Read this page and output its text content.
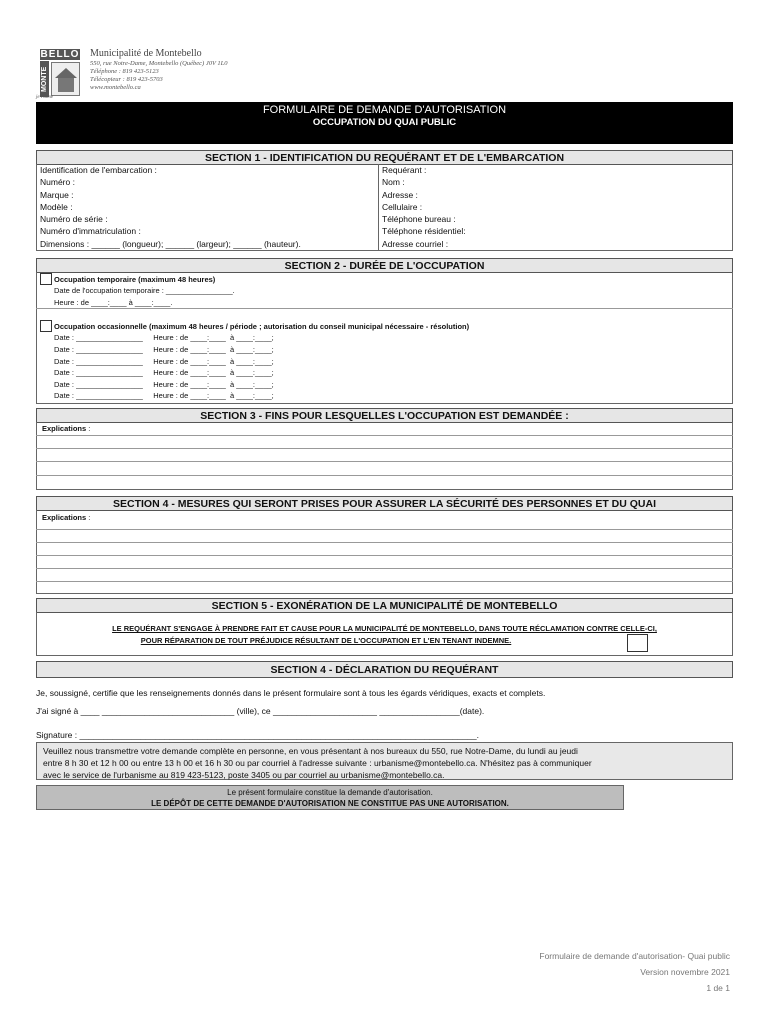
BELLO
MONTE
je t'aime
Municipalité de Montebello
550, rue Notre-Dame, Montebello (Québec) J0V 1L0
Téléphone : 819 423-5123
Télécopieur : 819 423-5703
www.montebello.ca
FORMULAIRE DE DEMANDE D'AUTORISATION
OCCUPATION DU QUAI PUBLIC
SECTION 1 - IDENTIFICATION DU REQUÉRANT ET DE L'EMBARCATION
Identification de l'embarcation :	Requérant :
Numéro :	Nom :
Marque :	Adresse :
Modèle :	Cellulaire :
Numéro de série :	Téléphone bureau :
Numéro d'immatriculation :	Téléphone résidentiel:
Dimensions : ______ (longueur); ______ (largeur); ______ (hauteur).	Adresse courriel :
SECTION 2 - DURÉE DE L'OCCUPATION
Occupation temporaire (maximum 48 heures)
Date de l'occupation temporaire : ________________.
Heure : de ____:____ à ____:____.
Occupation occasionnelle (maximum 48 heures / période ; autorisation du conseil municipal nécessaire - résolution)
Date : ________________     Heure : de ____:____  à ____:____;
Date : ________________     Heure : de ____:____  à ____:____;
Date : ________________     Heure : de ____:____  à ____:____;
Date : ________________     Heure : de ____:____  à ____:____;
Date : ________________     Heure : de ____:____  à ____:____;
Date : ________________     Heure : de ____:____  à ____:____;
SECTION 3 - FINS POUR LESQUELLES L'OCCUPATION EST DEMANDÉE :
Explications :
SECTION 4 - MESURES QUI SERONT PRISES POUR ASSURER LA SÉCURITÉ DES PERSONNES ET DU QUAI
Explications :
SECTION 5 - EXONÉRATION DE LA MUNICIPALITÉ DE MONTEBELLO
LE REQUÉRANT S'ENGAGE À PRENDRE FAIT ET CAUSE POUR LA MUNICIPALITÉ DE MONTEBELLO, DANS TOUTE RÉCLAMATION CONTRE CELLE-CI,
POUR RÉPARATION DE TOUT PRÉJUDICE RÉSULTANT DE L'OCCUPATION ET L'EN TENANT INDEMNE.
SECTION 4 - DÉCLARATION DU REQUÉRANT
Je, soussigné, certifie que les renseignements donnés dans le présent formulaire sont à tous les égards véridiques, exacts et complets.
J'ai signé à ____ ____________________________ (ville), ce ______________________ _________________(date).
Signature : ____________________________________________________________________________________.
Veuillez nous transmettre votre demande complète en personne, en vous présentant à nos bureaux du 550, rue Notre-Dame, du lundi au jeudi
entre 8 h 30 et 12 h 00 ou entre 13 h 00 et 16 h 30 ou par courriel à l'adresse suivante : urbanisme@montebello.ca. N'hésitez pas à communiquer
avec le service de l'urbanisme au 819 423-5123, poste 3405 ou par courriel au urbanisme@montebello.ca.
Le présent formulaire constitue la demande d'autorisation.
LE DÉPÔT DE CETTE DEMANDE D'AUTORISATION NE CONSTITUE PAS UNE AUTORISATION.
Formulaire de demande d'autorisation- Quai public
Version novembre 2021
1 de 1
